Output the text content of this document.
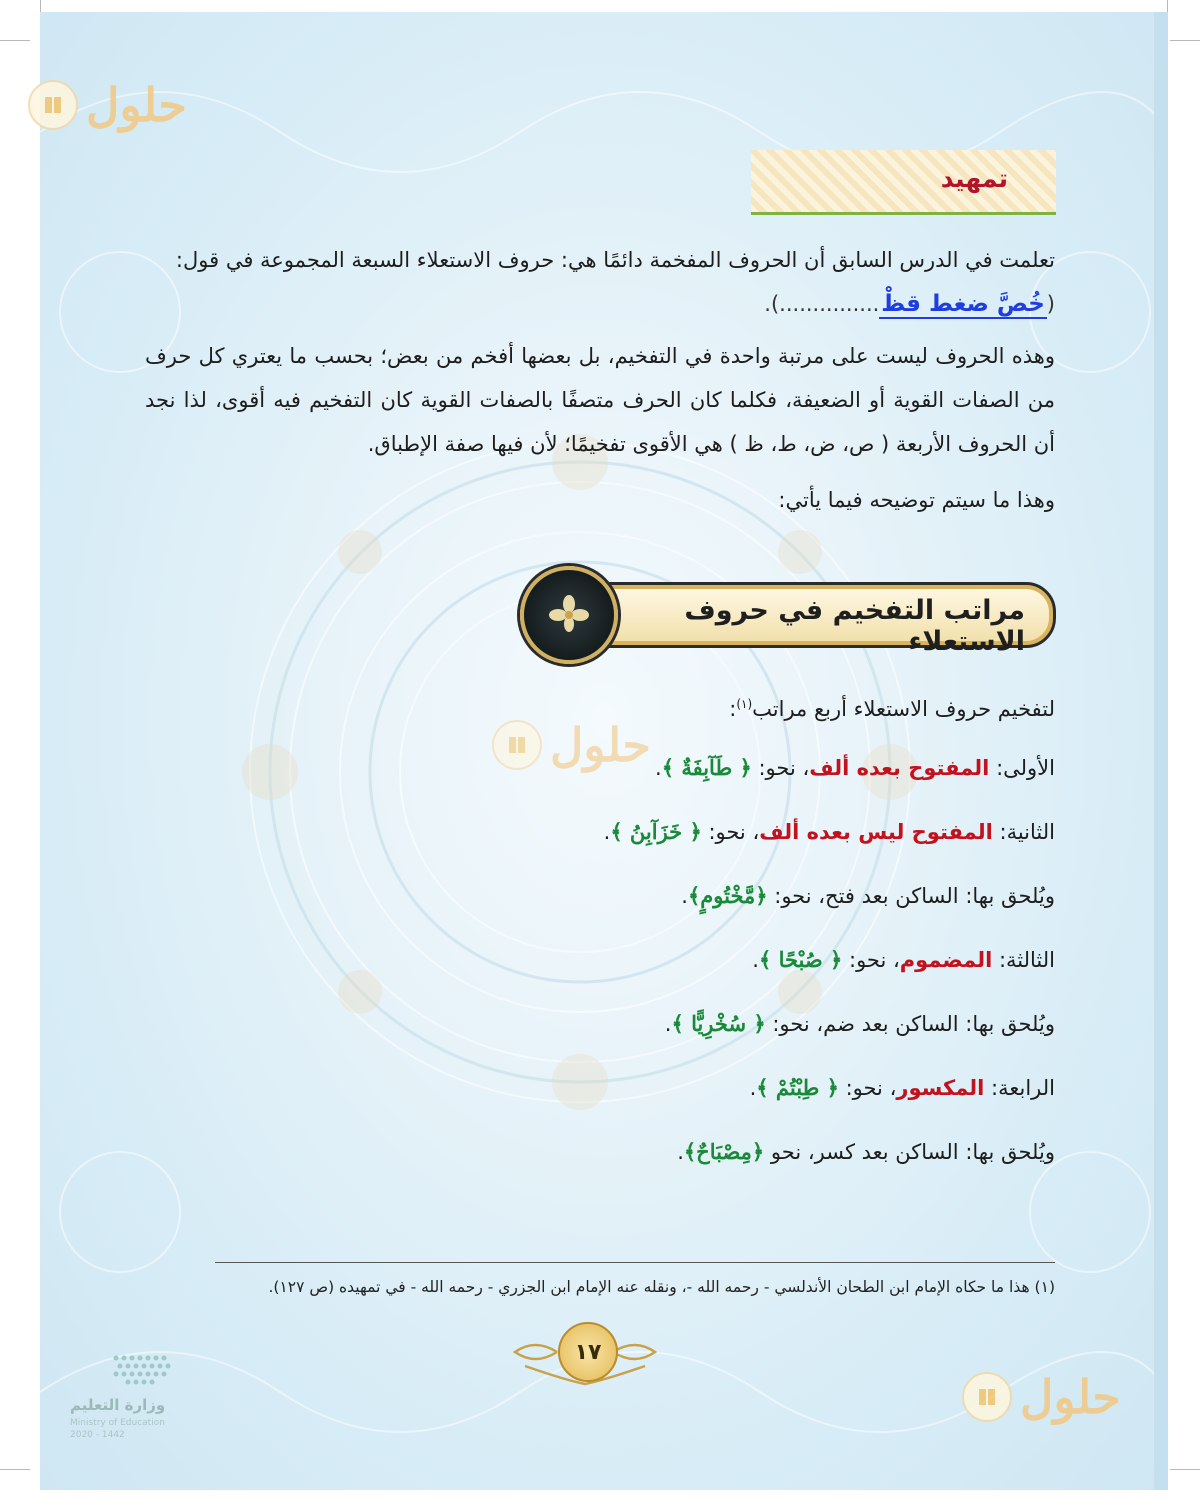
حلول
حلول
حلول
تمهيد
تعلمت في الدرس السابق أن الحروف المفخمة دائمًا هي: حروف الاستعلاء السبعة المجموعة في قول:
(خُصَّ ضغط قظْ...............).
وهذه الحروف ليست على مرتبة واحدة في التفخيم، بل بعضها أفخم من بعض؛ بحسب ما يعتري كل حرف من الصفات القوية أو الضعيفة، فكلما كان الحرف متصفًا بالصفات القوية كان التفخيم فيه أقوى، لذا نجد أن الحروف الأربعة ( ص، ض، ط، ظ ) هي الأقوى تفخيمًا؛ لأن فيها صفة الإطباق.
وهذا ما سيتم توضيحه فيما يأتي:
مراتب التفخيم في حروف الاستعلاء
لتفخيم حروف الاستعلاء أربع مراتب$^{(١)}$:
الأولى: المفتوح بعده ألف، نحو: ﴿ طَآبِفَةٌ ﴾.
الثانية: المفتوح ليس بعده ألف، نحو: ﴿ خَزَآبِنُ ﴾.
ويُلحق بها: الساكن بعد فتح، نحو: ﴿مَّخْتُومٍ﴾.
الثالثة: المضموم، نحو: ﴿ صُبْحًا ﴾.
ويُلحق بها: الساكن بعد ضم، نحو: ﴿ سُخْرِيًّا ﴾.
الرابعة: المكسور، نحو: ﴿ طِبْتُمْ ﴾.
ويُلحق بها: الساكن بعد كسر، نحو ﴿مِصْبَاحٌ﴾.
(١) هذا ما حكاه الإمام ابن الطحان الأندلسي - رحمه الله -، ونقله عنه الإمام ابن الجزري - رحمه الله - في تمهيده (ص ١٢٧).
١٧
وزارة التعليم
Ministry of Education
2020 - 1442
